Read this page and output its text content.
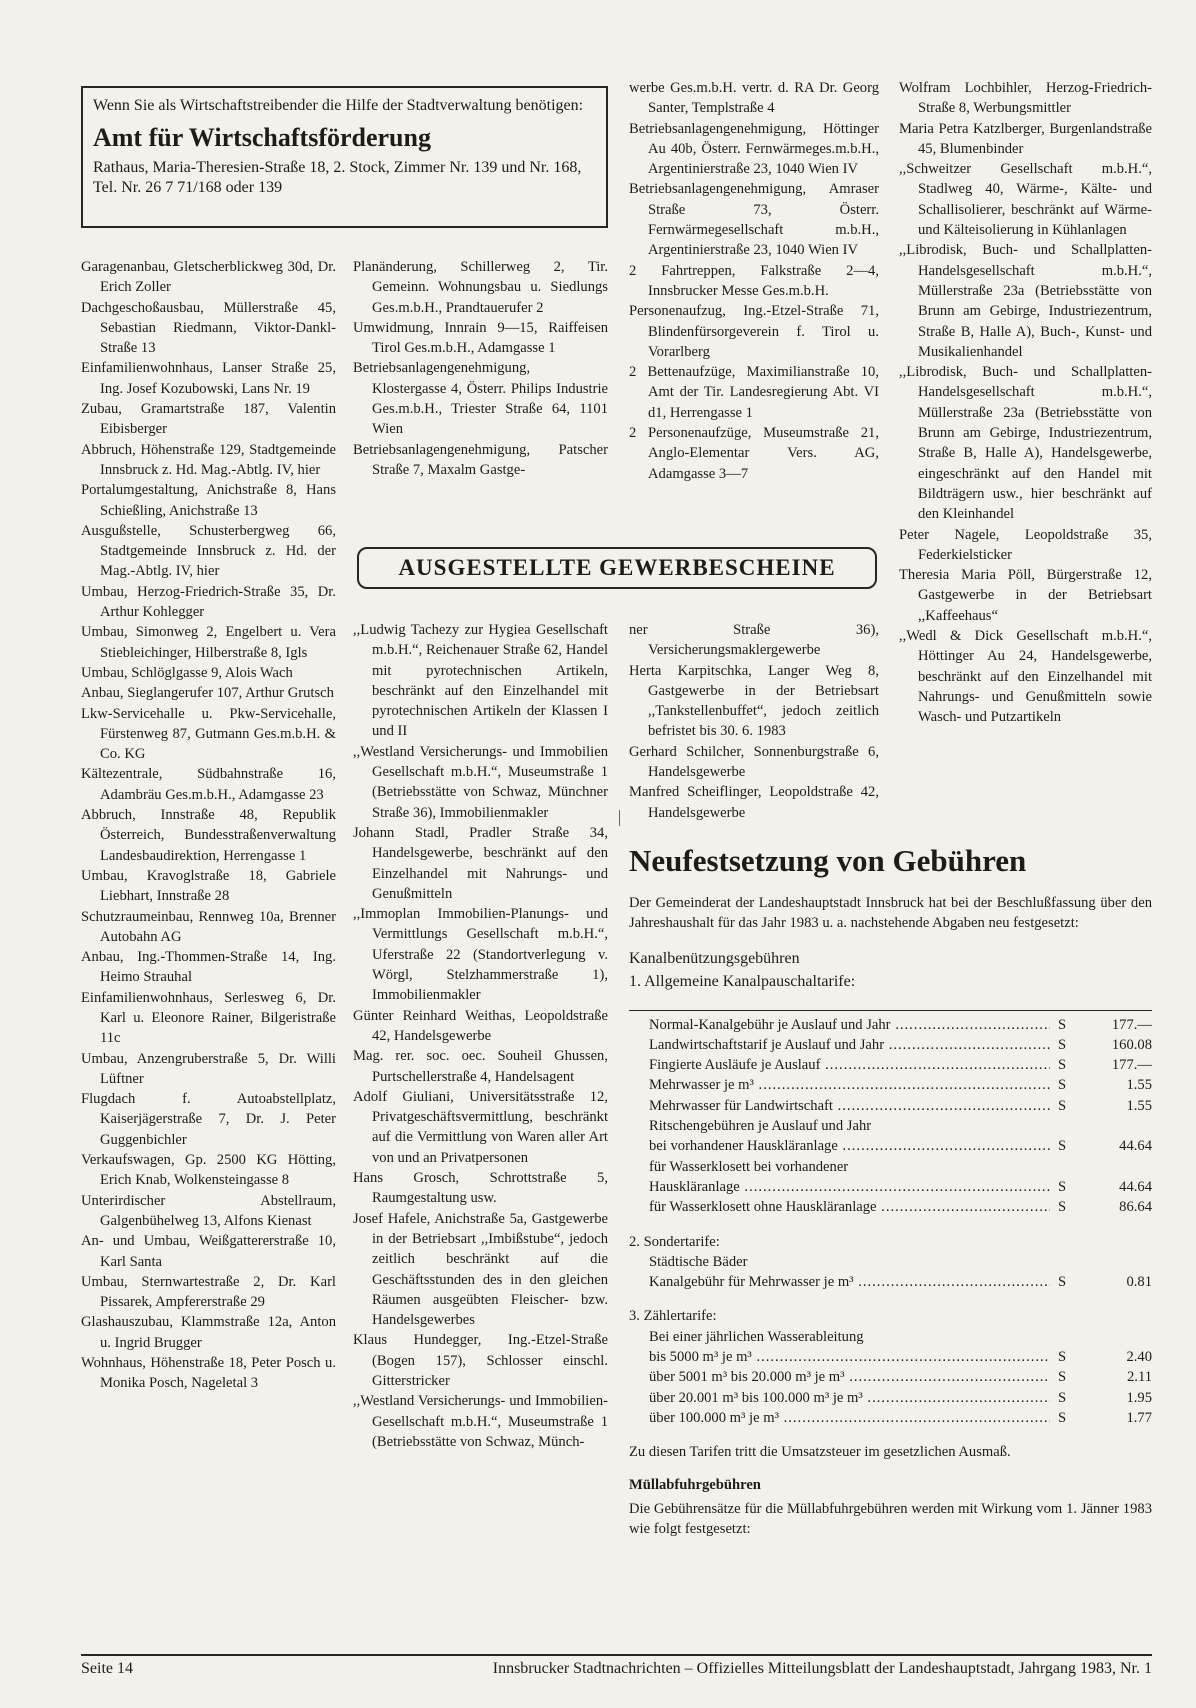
Wenn Sie als Wirtschaftstreibender die Hilfe der Stadtverwaltung benötigen:
Amt für Wirtschaftsförderung
Rathaus, Maria-Theresien-Straße 18, 2. Stock, Zimmer Nr. 139 und Nr. 168, Tel. Nr. 26 7 71/168 oder 139

Garagenanbau, Gletscherblickweg 30d, Dr. Erich Zoller

Dachgeschoßausbau, Müllerstraße 45, Sebastian Riedmann, Viktor-Dankl-Straße 13

Einfamilienwohnhaus, Lanser Straße 25, Ing. Josef Kozubowski, Lans Nr. 19

Zubau, Gramartstraße 187, Valentin Eibisberger

Abbruch, Höhenstraße 129, Stadtgemeinde Innsbruck z. Hd. Mag.-Abtlg. IV, hier

Portalumgestaltung, Anichstraße 8, Hans Schießling, Anichstraße 13

Ausgußstelle, Schusterbergweg 66, Stadtgemeinde Innsbruck z. Hd. der Mag.-Abtlg. IV, hier

Umbau, Herzog-Friedrich-Straße 35, Dr. Arthur Kohlegger

Umbau, Simonweg 2, Engelbert u. Vera Stiebleichinger, Hilberstraße 8, Igls

Umbau, Schlöglgasse 9, Alois Wach

Anbau, Sieglangerufer 107, Arthur Grutsch

Lkw-Servicehalle u. Pkw-Servicehalle, Fürstenweg 87, Gutmann Ges.m.b.H. & Co. KG

Kältezentrale, Südbahnstraße 16, Adambräu Ges.m.b.H., Adamgasse 23

Abbruch, Innstraße 48, Republik Österreich, Bundesstraßenverwaltung Landesbaudirektion, Herrengasse 1

Umbau, Kravoglstraße 18, Gabriele Liebhart, Innstraße 28

Schutzraumeinbau, Rennweg 10a, Brenner Autobahn AG

Anbau, Ing.-Thommen-Straße 14, Ing. Heimo Strauhal

Einfamilienwohnhaus, Serlesweg 6, Dr. Karl u. Eleonore Rainer, Bilgeristraße 11c

Umbau, Anzengruberstraße 5, Dr. Willi Lüftner

Flugdach f. Autoabstellplatz, Kaiserjägerstraße 7, Dr. J. Peter Guggenbichler

Verkaufswagen, Gp. 2500 KG Hötting, Erich Knab, Wolkensteingasse 8

Unterirdischer Abstellraum, Galgenbühelweg 13, Alfons Kienast

An- und Umbau, Weißgattererstraße 10, Karl Santa

Umbau, Sternwartestraße 2, Dr. Karl Pissarek, Ampfererstraße 29

Glashauszubau, Klammstraße 12a, Anton u. Ingrid Brugger

Wohnhaus, Höhenstraße 18, Peter Posch u. Monika Posch, Nageletal 3

Planänderung, Schillerweg 2, Tir. Gemeinn. Wohnungsbau u. Siedlungs Ges.m.b.H., Prandtauerufer 2

Umwidmung, Innrain 9—15, Raiffeisen Tirol Ges.m.b.H., Adamgasse 1

Betriebsanlagengenehmigung, Klostergasse 4, Österr. Philips Industrie Ges.m.b.H., Triester Straße 64, 1101 Wien

Betriebsanlagengenehmigung, Patscher Straße 7, Maxalm Gastge-

werbe Ges.m.b.H. vertr. d. RA Dr. Georg Santer, Templstraße 4

Betriebsanlagengenehmigung, Höttinger Au 40b, Österr. Fernwärmeges.m.b.H., Argentinierstraße 23, 1040 Wien IV

Betriebsanlagengenehmigung, Amraser Straße 73, Österr. Fernwärmegesellschaft m.b.H., Argentinierstraße 23, 1040 Wien IV

2 Fahrtreppen, Falkstraße 2—4, Innsbrucker Messe Ges.m.b.H.

Personenaufzug, Ing.-Etzel-Straße 71, Blindenfürsorgeverein f. Tirol u. Vorarlberg

2 Bettenaufzüge, Maximilianstraße 10, Amt der Tir. Landesregierung Abt. VI d1, Herrengasse 1

2 Personenaufzüge, Museumstraße 21, Anglo-Elementar Vers. AG, Adamgasse 3—7

Wolfram Lochbihler, Herzog-Friedrich-Straße 8, Werbungsmittler

Maria Petra Katzlberger, Burgenlandstraße 45, Blumenbinder

,,Schweitzer Gesellschaft m.b.H.“, Stadlweg 40, Wärme-, Kälte- und Schallisolierer, beschränkt auf Wärme- und Kälteisolierung in Kühlanlagen

,,Librodisk, Buch- und Schallplatten-Handelsgesellschaft m.b.H.“, Müllerstraße 23a (Betriebsstätte von Brunn am Gebirge, Industriezentrum, Straße B, Halle A), Buch-, Kunst- und Musikalienhandel

,,Librodisk, Buch- und Schallplatten-Handelsgesellschaft m.b.H.“, Müllerstraße 23a (Betriebsstätte von Brunn am Gebirge, Industriezentrum, Straße B, Halle A), Handelsgewerbe, eingeschränkt auf den Handel mit Bildträgern usw., hier beschränkt auf den Kleinhandel

Peter Nagele, Leopoldstraße 35, Federkielsticker

Theresia Maria Pöll, Bürgerstraße 12, Gastgewerbe in der Betriebsart ,,Kaffeehaus“

,,Wedl & Dick Gesellschaft m.b.H.“, Höttinger Au 24, Handelsgewerbe, beschränkt auf den Einzelhandel mit Nahrungs- und Genußmitteln sowie Wasch- und Putzartikeln

AUSGESTELLTE GEWERBESCHEINE

,,Ludwig Tachezy zur Hygiea Gesellschaft m.b.H.“, Reichenauer Straße 62, Handel mit pyrotechnischen Artikeln, beschränkt auf den Einzelhandel mit pyrotechnischen Artikeln der Klassen I und II

,,Westland Versicherungs- und Immobilien Gesellschaft m.b.H.“, Museumstraße 1 (Betriebsstätte von Schwaz, Münchner Straße 36), Immobilienmakler

Johann Stadl, Pradler Straße 34, Handelsgewerbe, beschränkt auf den Einzelhandel mit Nahrungs- und Genußmitteln

,,Immoplan Immobilien-Planungs- und Vermittlungs Gesellschaft m.b.H.“, Uferstraße 22 (Standortverlegung v. Wörgl, Stelzhammerstraße 1), Immobilienmakler

Günter Reinhard Weithas, Leopoldstraße 42, Handelsgewerbe

Mag. rer. soc. oec. Souheil Ghussen, Purtschellerstraße 4, Handelsagent

Adolf Giuliani, Universitätsstraße 12, Privatgeschäftsvermittlung, beschränkt auf die Vermittlung von Waren aller Art von und an Privatpersonen

Hans Grosch, Schrottstraße 5, Raumgestaltung usw.

Josef Hafele, Anichstraße 5a, Gastgewerbe in der Betriebsart ,,Imbißstube“, jedoch zeitlich beschränkt auf die Geschäftsstunden des in den gleichen Räumen ausgeübten Fleischer- bzw. Handelsgewerbes

Klaus Hundegger, Ing.-Etzel-Straße (Bogen 157), Schlosser einschl. Gitterstricker

,,Westland Versicherungs- und Immobilien-Gesellschaft m.b.H.“, Museumstraße 1 (Betriebsstätte von Schwaz, Münch-

ner Straße 36), Versicherungsmaklergewerbe

Herta Karpitschka, Langer Weg 8, Gastgewerbe in der Betriebsart ,,Tankstellenbuffet“, jedoch zeitlich befristet bis 30. 6. 1983

Gerhard Schilcher, Sonnenburgstraße 6, Handelsgewerbe

Manfred Scheiflinger, Leopoldstraße 42, Handelsgewerbe

Neufestsetzung von Gebühren

Der Gemeinderat der Landeshauptstadt Innsbruck hat bei der Beschlußfassung über den Jahreshaushalt für das Jahr 1983 u. a. nachstehende Abgaben neu festgesetzt:

Kanalbenützungsgebühren

1. Allgemeine Kanalpauschaltarife:

Normal-Kanalgebühr je Auslauf und Jahr .....	S	177.—
Landwirtschaftstarif je Auslauf und Jahr .....	S	160.08
Fingierte Ausläufe je Auslauf .....	S	177.—
Mehrwasser je m³ .....	S	1.55
Mehrwasser für Landwirtschaft .....	S	1.55
Ritschengebühren je Auslauf und Jahr
bei vorhandener Hauskläranlage .....	S	44.64
für Wasserklosett bei vorhandener
Hauskläranlage .....	S	44.64
für Wasserklosett ohne Hauskläranlage .....	S	86.64
2. Sondertarife:
Städtische Bäder
Kanalgebühr für Mehrwasser je m³ .....	S	0.81
3. Zählertarife:
Bei einer jährlichen Wasserableitung
bis 5000 m³ je m³ .....	S	2.40
über 5001 m³ bis 20.000 m³ je m³ .....	S	2.11
über 20.001 m³ bis 100.000 m³ je m³ .....	S	1.95
über 100.000 m³ je m³ .....	S	1.77

Zu diesen Tarifen tritt die Umsatzsteuer im gesetzlichen Ausmaß.

Müllabfuhrgebühren

Die Gebührensätze für die Müllabfuhrgebühren werden mit Wirkung vom 1. Jänner 1983 wie folgt festgesetzt:

Seite 14	Innsbrucker Stadtnachrichten – Offizielles Mitteilungsblatt der Landeshauptstadt, Jahrgang 1983, Nr. 1
